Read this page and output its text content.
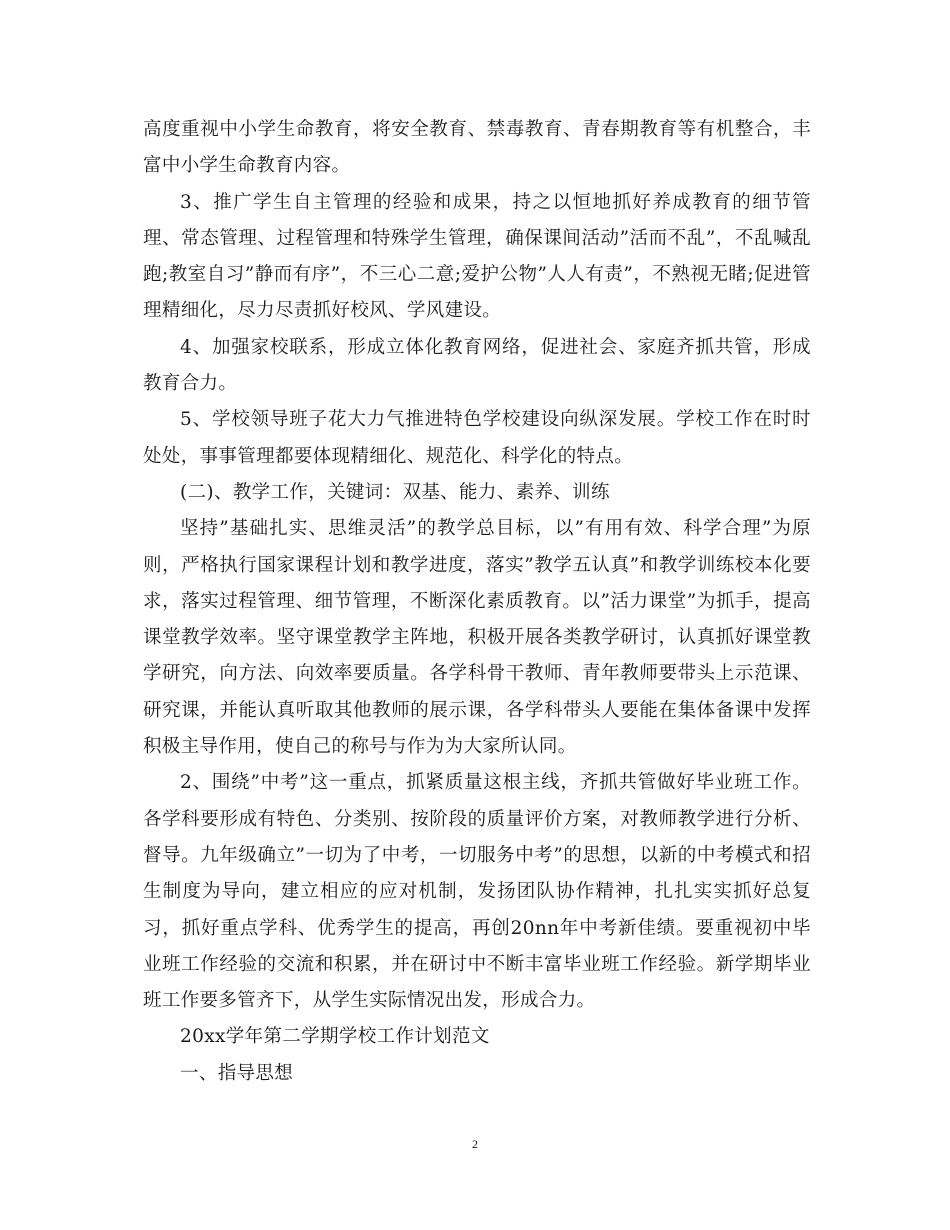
高度重视中小学生命教育，将安全教育、禁毒教育、青春期教育等有机整合，丰富中小学生命教育内容。

3、推广学生自主管理的经验和成果，持之以恒地抓好养成教育的细节管理、常态管理、过程管理和特殊学生管理，确保课间活动”活而不乱”，不乱喊乱跑;教室自习”静而有序”，不三心二意;爱护公物”人人有责”，不熟视无睹;促进管理精细化，尽力尽责抓好校风、学风建设。

4、加强家校联系，形成立体化教育网络，促进社会、家庭齐抓共管，形成教育合力。

5、学校领导班子花大力气推进特色学校建设向纵深发展。学校工作在时时处处，事事管理都要体现精细化、规范化、科学化的特点。

(二)、教学工作，关键词：双基、能力、素养、训练

坚持”基础扎实、思维灵活”的教学总目标，以”有用有效、科学合理”为原则，严格执行国家课程计划和教学进度，落实”教学五认真”和教学训练校本化要求，落实过程管理、细节管理，不断深化素质教育。以”活力课堂”为抓手，提高课堂教学效率。坚守课堂教学主阵地，积极开展各类教学研讨，认真抓好课堂教学研究，向方法、向效率要质量。各学科骨干教师、青年教师要带头上示范课、研究课，并能认真听取其他教师的展示课，各学科带头人要能在集体备课中发挥积极主导作用，使自己的称号与作为为大家所认同。

2、围绕”中考”这一重点，抓紧质量这根主线，齐抓共管做好毕业班工作。各学科要形成有特色、分类别、按阶段的质量评价方案，对教师教学进行分析、督导。九年级确立”一切为了中考，一切服务中考”的思想，以新的中考模式和招生制度为导向，建立相应的应对机制，发扬团队协作精神，扎扎实实抓好总复习，抓好重点学科、优秀学生的提高，再创20nn年中考新佳绩。要重视初中毕业班工作经验的交流和积累，并在研讨中不断丰富毕业班工作经验。新学期毕业班工作要多管齐下，从学生实际情况出发，形成合力。

20xx学年第二学期学校工作计划范文

一、指导思想

2
